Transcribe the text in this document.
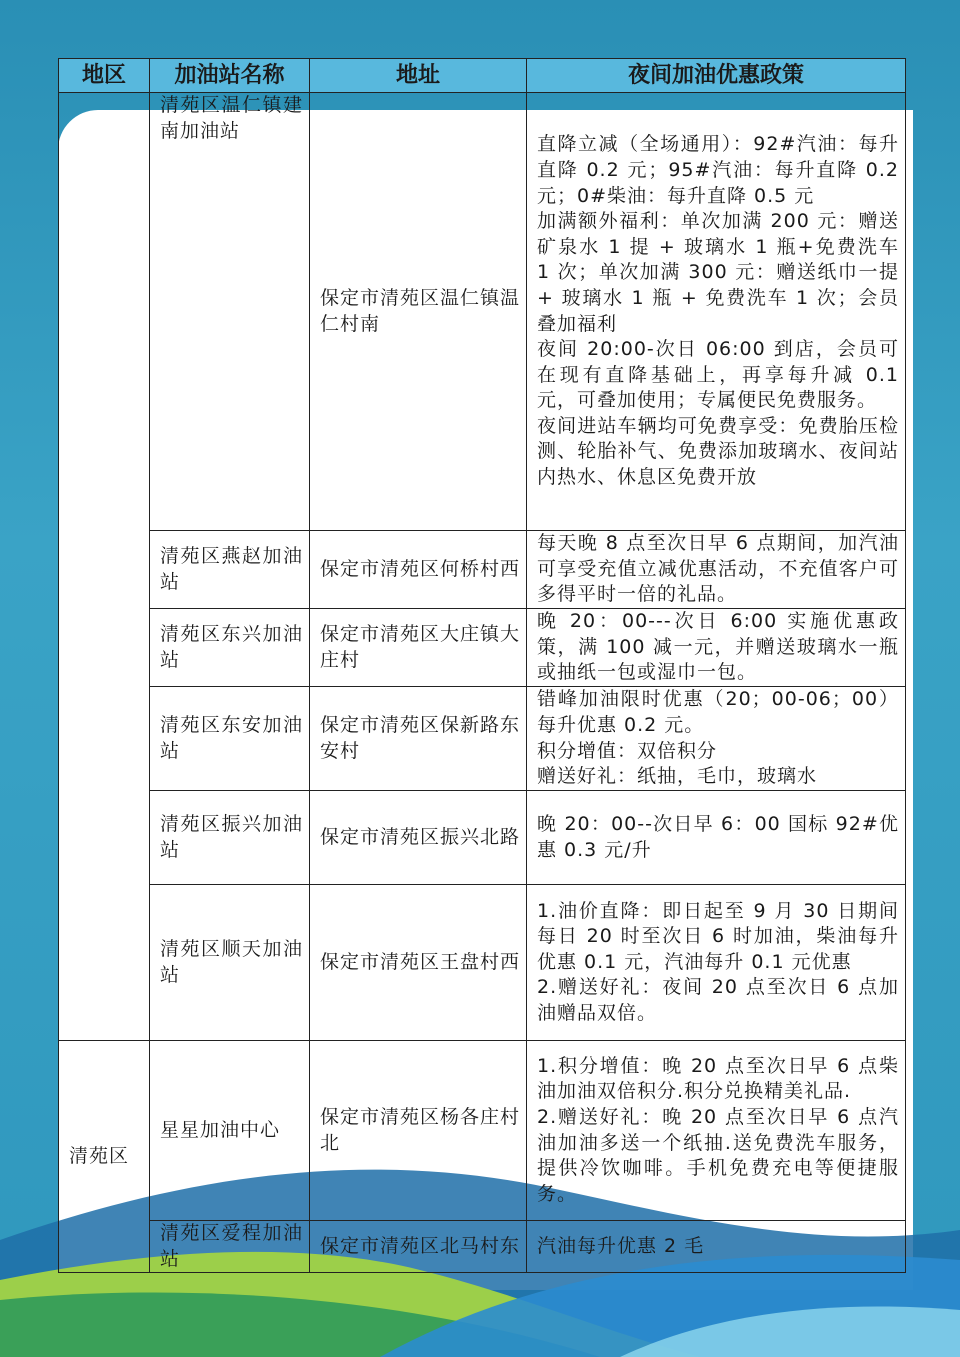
地区	加油站名称	地址	夜间加油优惠政策
	清苑区温仁镇建南加油站	保定市清苑区温仁镇温仁村南	直降立减（全场通用）：92#汽油：每升直降 0.2 元；95#汽油：每升直降 0.2 元；0#柴油：每升直降 0.5 元
加满额外福利：单次加满 200 元：赠送矿泉水 1 提 + 玻璃水 1 瓶+免费洗车 1 次；单次加满 300 元：赠送纸巾一提 + 玻璃水 1 瓶 + 免费洗车 1 次；会员叠加福利
夜间 20:00-次日 06:00 到店，会员可在现有直降基础上，再享每升减 0.1 元，可叠加使用；专属便民免费服务。
夜间进站车辆均可免费享受：免费胎压检测、轮胎补气、免费添加玻璃水、夜间站内热水、休息区免费开放

	清苑区燕赵加油站	保定市清苑区何桥村西	每天晚 8 点至次日早 6 点期间，加汽油可享受充值立减优惠活动，不充值客户可多得平时一倍的礼品。

	清苑区东兴加油站	保定市清苑区大庄镇大庄村	晚 20：00---次日 6:00 实施优惠政策，满 100 减一元，并赠送玻璃水一瓶或抽纸一包或湿巾一包。

	清苑区东安加油站	保定市清苑区保新路东安村	错峰加油限时优惠（20；00-06；00）每升优惠 0.2 元。
积分增值：双倍积分
赠送好礼：纸抽，毛巾，玻璃水

	清苑区振兴加油站	保定市清苑区振兴北路	晚 20：00--次日早 6：00 国标 92#优惠 0.3 元/升

	清苑区顺天加油站	保定市清苑区王盘村西	1.油价直降：即日起至 9 月 30 日期间每日 20 时至次日 6 时加油，柴油每升优惠 0.1 元，汽油每升 0.1 元优惠
2.赠送好礼：夜间 20 点至次日 6 点加油赠品双倍。

清苑区	星星加油中心	保定市清苑区杨各庄村北	1.积分增值：晚 20 点至次日早 6 点柴油加油双倍积分.积分兑换精美礼品.
2.赠送好礼：晚 20 点至次日早 6 点汽油加油多送一个纸抽.送免费洗车服务，提供冷饮咖啡。手机免费充电等便捷服务。

	清苑区爱程加油站	保定市清苑区北马村东	汽油每升优惠 2 毛
